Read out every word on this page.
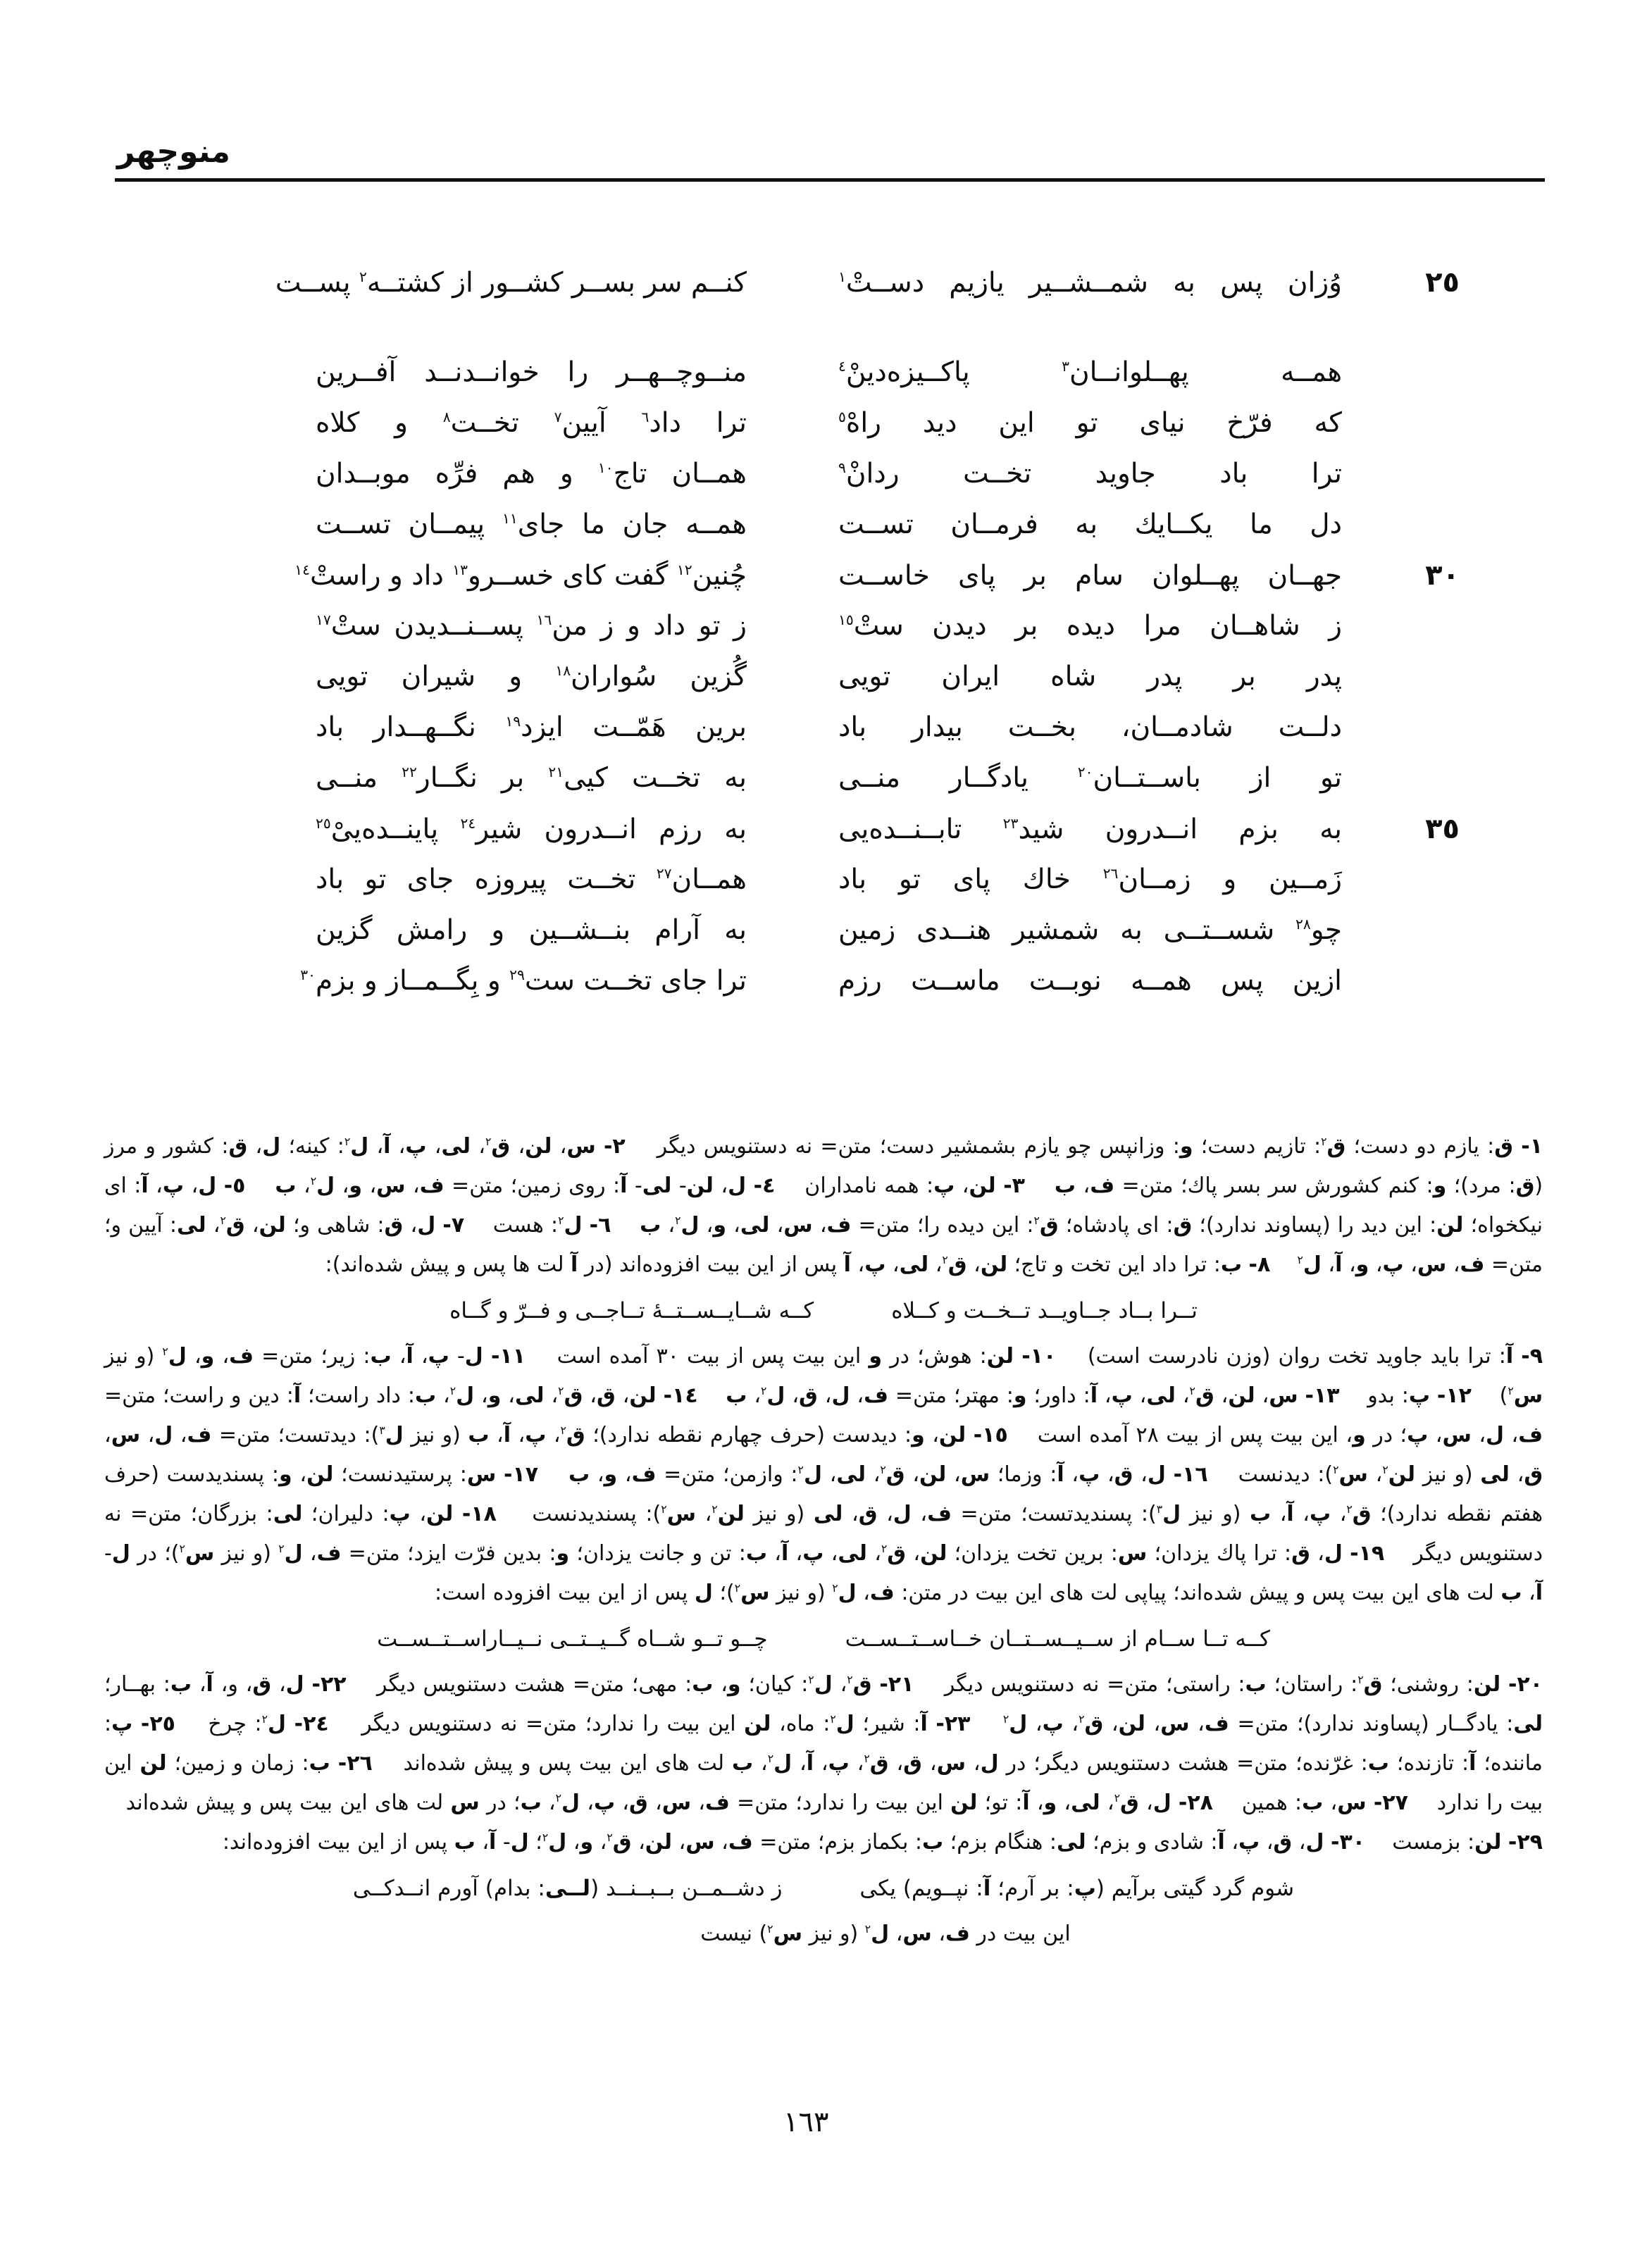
منوچهر
٢٥
وُزان پس به شمــشــیر یازیم دســتْ$^١$
کنــم سر بســر کشــور از کشتــه$^٢$ پســت
همــه پهــلوانــان$^٣$ پاکــیزه‌دینْ$^٤$
منــوچــهــر را خوانــدنــد آفــرین
که فرّخ نیای تو این دید راهْ$^٥$
ترا داد$^٦$ آیین$^٧$ تخــت$^٨$ و کلاه
ترا باد جاوید تخــت ردانْ$^٩$
همــان تاج$^{١٠}$ و هم فرِّه موبــدان
دل ما یکــایك به فرمــان تســت
همــه جان ما جای$^{١١}$ پیمــان تســت
٣٠
جهــان پهــلوان سام بر پای خاســت
چُنین$^{١٢}$ گفت کای خســرو$^{١٣}$ داد و راستْ$^{١٤}$
ز شاهــان مرا دیده بر دیدن ستْ$^{١٥}$
ز تو داد و ز من$^{١٦}$ پســنــدیدن ستْ$^{١٧}$
پدر بر پدر شاه ایران تویی
گُزین سُواران$^{١٨}$ و شیران تویی
دلــت شادمــان، بخــت بیدار باد
برین هَمّــت ایزد$^{١٩}$ نگــهــدار باد
تو از باســتــان$^{٢٠}$ یادگــار منــی
به تخــت کیی$^{٢١}$ بر نگــار$^{٢٢}$ منــی
٣٥
به بزم انــدرون شید$^{٢٣}$ تابــنــده‌یی
به رزم انــدرون شیر$^{٢٤}$ پاینــده‌ییْ$^{٢٥}$
زَمــین و زمــان$^{٢٦}$ خاك پای تو باد
همــان$^{٢٧}$ تخــت پیروزه جای تو باد
چو$^{٢٨}$ شســتــی به شمشیر هنــدی زمین
به آرام بنــشــین و رامش گزین
ازین پس همــه نوبــت ماســت رزم
ترا جای تخــت ست$^{٢٩}$ و بِگــمــاز و بزم$^{٣٠}$
١- ق: یازم دو دست؛ ق$^٢$: تازیم دست؛ و: وزانپس چو یازم بشمشیر دست؛ متن= نه دستنویس دیگر    ٢- س، لن، ق$^٢$، لی، پ، آ، ل$^٢$: کینه؛ ل، ق: کشور و مرز (ق: مرد)؛ و: کنم کشورش سر بسر پاك؛ متن= ف، ب    ٣- لن، پ: همه نامداران    ٤- ل، لن- لی- آ: روی زمین؛ متن= ف، س، و، ل$^٢$، ب    ٥- ل، پ، آ: ای نیکخواه؛ لن: این دید را (پساوند ندارد)؛ ق: ای پادشاه؛ ق$^٢$: این دیده را؛ متن= ف، س، لی، و، ل$^٢$، ب    ٦- ل$^٢$: هست    ٧- ل، ق: شاهی و؛ لن، ق$^٢$، لی: آیین و؛ متن= ف، س، پ، و، آ، ل$^٢$    ٨- ب: ترا داد این تخت و تاج؛ لن، ق$^٢$، لی، پ، آ پس از این بیت افزوده‌اند (در آ لت ها پس و پیش شده‌اند):
تــرا بــاد جــاویــد تــخــت و کــلاه
کــه شــایــســتــهٔ تــاجــی و فــرّ و گــاه
٩- آ: ترا باید جاوید تخت روان (وزن نادرست است)    ١٠- لن: هوش؛ در و این بیت پس از بیت ٣٠ آمده است    ١١- ل- پ، آ، ب: زیر؛ متن= ف، و، ل$^٢$ (و نیز س$^٢$)    ١٢- پ: بدو    ١٣- س، لن، ق$^٢$، لی، پ، آ: داور؛ و: مهتر؛ متن= ف، ل، ق، ل$^٢$، ب    ١٤- لن، ق، ق$^٢$، لی، و، ل$^٢$، ب: داد راست؛ آ: دین و راست؛ متن= ف، ل، س، پ؛ در و، این بیت پس از بیت ٢٨ آمده است    ١٥- لن، و: دیدست (حرف چهارم نقطه ندارد)؛ ق$^٢$، پ، آ، ب (و نیز ل$^٣$): دیدتست؛ متن= ف، ل، س، ق، لی (و نیز لن$^٢$، س$^٢$): دیدنست    ١٦- ل، ق، پ، آ: وزما؛ س، لن، ق$^٢$، لی، ل$^٢$: وازمن؛ متن= ف، و، ب    ١٧- س: پرستیدنست؛ لن، و: پسندیدست (حرف هفتم نقطه ندارد)؛ ق$^٢$، پ، آ، ب (و نیز ل$^٣$): پسندیدتست؛ متن= ف، ل، ق، لی (و نیز لن$^٢$، س$^٢$): پسندیدنست    ١٨- لن، پ: دلیران؛ لی: بزرگان؛ متن= نه دستنویس دیگر    ١٩- ل، ق: ترا پاك یزدان؛ س: برین تخت یزدان؛ لن، ق$^٢$، لی، پ، آ، ب: تن و جانت یزدان؛ و: بدین فرّت ایزد؛ متن= ف، ل$^٢$ (و نیز س$^٢$)؛ در ل- آ، ب لت های این بیت پس و پیش شده‌اند؛ پیاپی لت های این بیت در متن: ف، ل$^٢$ (و نیز س$^٢$)؛ ل پس از این بیت افزوده است:
کــه تــا ســام از ســیــســتــان خــاســتــســت
چــو تــو شــاه گــیــتــی نــیــاراســتــســت
٢٠- لن: روشنی؛ ق$^٢$: راستان؛ ب: راستی؛ متن= نه دستنویس دیگر    ٢١- ق$^٢$، ل$^٢$: کیان؛ و، ب: مهی؛ متن= هشت دستنویس دیگر    ٢٢- ل، ق، و، آ، ب: بهــار؛ لی: یادگــار (پساوند ندارد)؛ متن= ف، س، لن، ق$^٢$، پ، ل$^٢$    ٢٣- آ: شیر؛ ل$^٢$: ماه، لن این بیت را ندارد؛ متن= نه دستنویس دیگر    ٢٤- ل$^٢$: چرخ    ٢٥- پ: ماننده؛ آ: تازنده؛ ب: غرّنده؛ متن= هشت دستنویس دیگر؛ در ل، س، ق، ق$^٢$، پ، آ، ل$^٢$، ب لت های این بیت پس و پیش شده‌اند    ٢٦- ب: زمان و زمین؛ لن این بیت را ندارد    ٢٧- س، ب: همین    ٢٨- ل، ق$^٢$، لی، و، آ: تو؛ لن این بیت را ندارد؛ متن= ف، س، ق، پ، ل$^٢$، ب؛ در س لت های این بیت پس و پیش شده‌اند    ٢٩- لن: بزمست    ٣٠- ل، ق، پ، آ: شادی و بزم؛ لی: هنگام بزم؛ ب: بکماز بزم؛ متن= ف، س، لن، ق$^٢$، و، ل$^٢$؛ ل- آ، ب پس از این بیت افزوده‌اند:
شوم گرد گیتی برآیم (پ: بر آرم؛ آ: نپــویم) یکی
ز دشــمــن بــبــنــد (لــی: بدام) آورم انــدکــی
این بیت در ف، س، ل$^٢$ (و نیز س$^٢$) نیست
١٦٣
